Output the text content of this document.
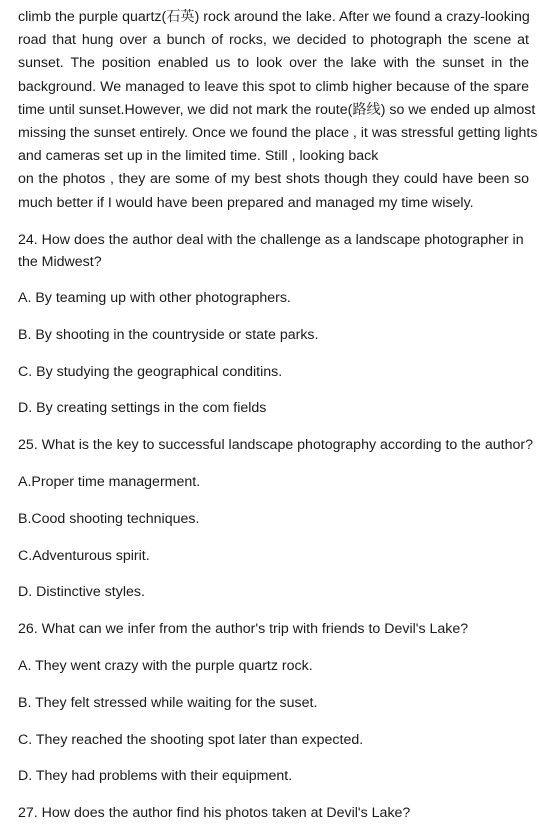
climb the purple quartz(石英) rock around the lake. After we found a crazy-looking
road that hung over a bunch of rocks, we decided to photograph the scene at
sunset. The position enabled us to look over the lake with the sunset in the
background. We managed to leave this spot to climb higher because of the spare
time until sunset.However, we did not mark the route(路线) so we ended up almost
missing the sunset entirely. Once we found the place , it was stressful getting lights
and cameras set up in the limited time. Still , looking back
on the photos , they are some of my best shots though they could have been so
much better if I would have been prepared and managed my time wisely.

24. How does the author deal with the challenge as a landscape photographer in

the Midwest?

A. By teaming up with other photographers.

B. By shooting in the countryside or state parks.

C. By studying the geographical conditins.

D. By creating settings in the com fields

25. What is the key to successful landscape photography according to the author?

A.Proper time managerment.

B.Cood shooting techniques.

C.Adventurous spirit.

D. Distinctive styles.

26. What can we infer from the author's trip with friends to Devil's Lake?

A. They went crazy with the purple quartz rock.

B. They felt stressed while waiting for the suset.

C. They reached the shooting spot later than expected.

D. They had problems with their equipment.

27. How does the author find his photos taken at Devil's Lake?
